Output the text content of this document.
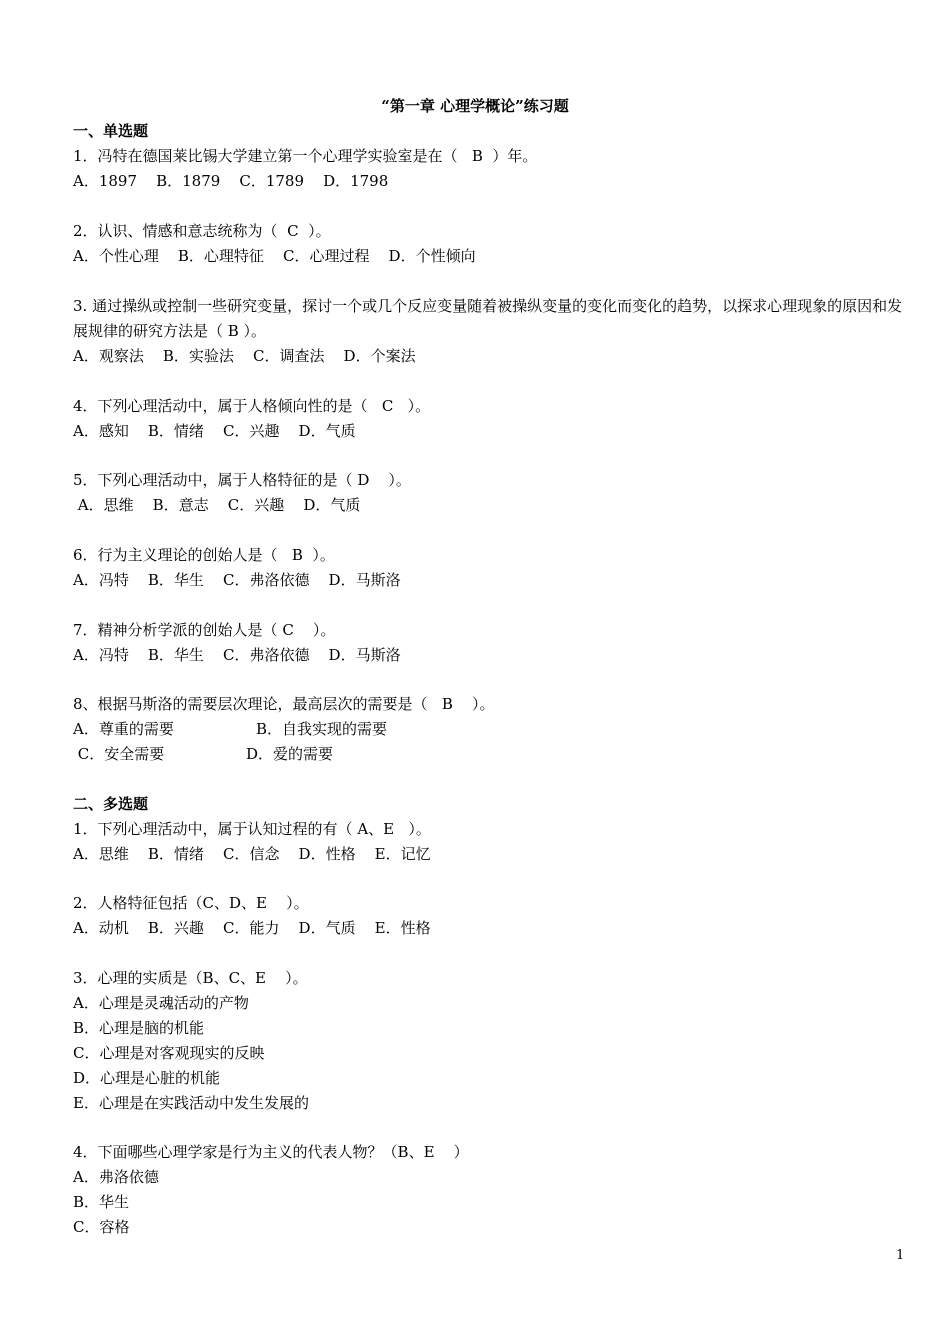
“第一章 心理学概论”练习题
一、单选题
1．冯特在德国莱比锡大学建立第一个心理学实验室是在（   B  ）年。
A．1897    B．1879    C．1789    D．1798
2．认识、情感和意志统称为（  C  ）。
A．个性心理    B．心理特征    C．心理过程    D．个性倾向
3. 通过操纵或控制一些研究变量，探讨一个或几个反应变量随着被操纵变量的变化而变化的趋势，以探求心理现象的原因和发展规律的研究方法是（ B ）。
A．观察法    B．实验法    C．调查法    D．个案法
4．下列心理活动中，属于人格倾向性的是（   C   ）。
A．感知    B．情绪    C．兴趣    D．气质
5．下列心理活动中，属于人格特征的是（ D    ）。
A．思维    B．意志    C．兴趣    D．气质
6．行为主义理论的创始人是（   B  ）。
A．冯特    B．华生    C．弗洛依德    D．马斯洛
7．精神分析学派的创始人是（ C    ）。
A．冯特    B．华生    C．弗洛依德    D．马斯洛
8、根据马斯洛的需要层次理论，最高层次的需要是（   B    ）。
A．尊重的需要	B．自我实现的需要
C．安全需要	D．爱的需要
二、多选题
1．下列心理活动中，属于认知过程的有（ A、E   ）。
A．思维    B．情绪    C．信念    D．性格    E．记忆
2．人格特征包括（C、D、E    ）。
A．动机    B．兴趣    C．能力    D．气质    E．性格
3．心理的实质是（B、C、E    ）。
A．心理是灵魂活动的产物
B．心理是脑的机能
C．心理是对客观现实的反映
D．心理是心脏的机能
E．心理是在实践活动中发生发展的
4．下面哪些心理学家是行为主义的代表人物？（B、E    ）
A．弗洛依德
B．华生
C．容格
1
